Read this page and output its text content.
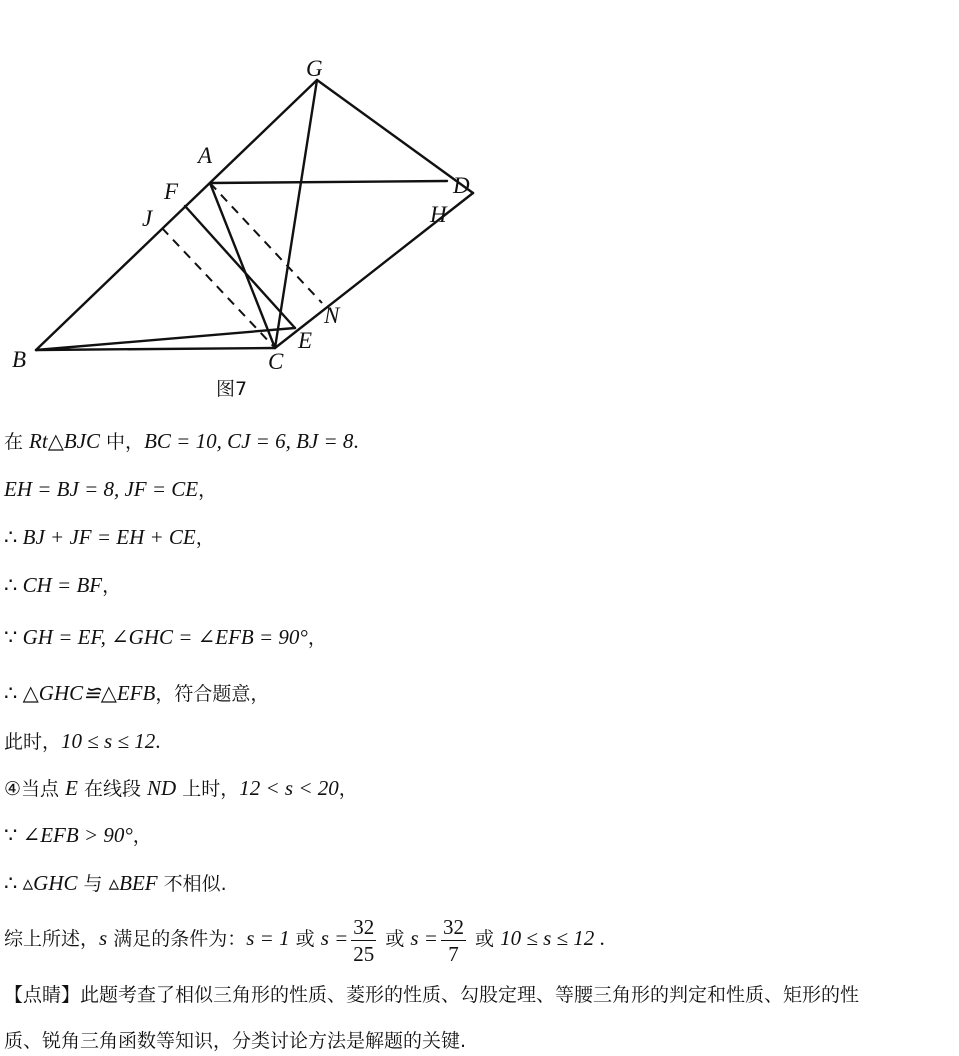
G
A
D
F
J	H
N
E
B	C
图7
在 Rt△BJC 中，BC = 10, CJ = 6, BJ = 8.
EH = BJ = 8, JF = CE，
∴ BJ + JF = EH + CE，
∴ CH = BF，
∵ GH = EF, ∠GHC = ∠EFB = 90°，
∴ △GHC≌△EFB，符合题意，
此时，10 ≤ s ≤ 12.
④当点 E 在线段 ND 上时，12 < s < 20，
∵ ∠EFB > 90°，
∴ ▵GHC 与 ▵BEF 不相似.
综上所述，s 满足的条件为：s = 1 或 $s = \frac{32}{25}$ 或 $s = \frac{32}{7}$ 或 10 ≤ s ≤ 12 .
【点睛】此题考查了相似三角形的性质、菱形的性质、勾股定理、等腰三角形的判定和性质、矩形的性
质、锐角三角函数等知识，分类讨论方法是解题的关键.
